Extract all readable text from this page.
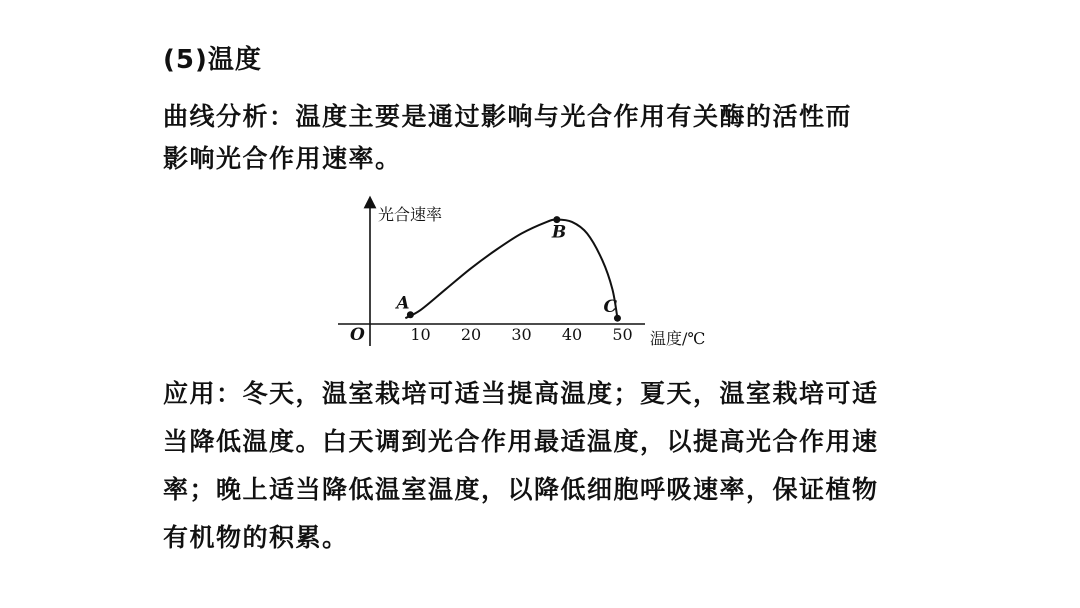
(5)温度
曲线分析：温度主要是通过影响与光合作用有关酶的活性而
影响光合作用速率。
O	10 20 30 40 50
光合速率
温度/℃
A
B
C
应用：冬天，温室栽培可适当提高温度；夏天，温室栽培可适
当降低温度。白天调到光合作用最适温度，以提高光合作用速
率；晚上适当降低温室温度，以降低细胞呼吸速率，保证植物
有机物的积累。
